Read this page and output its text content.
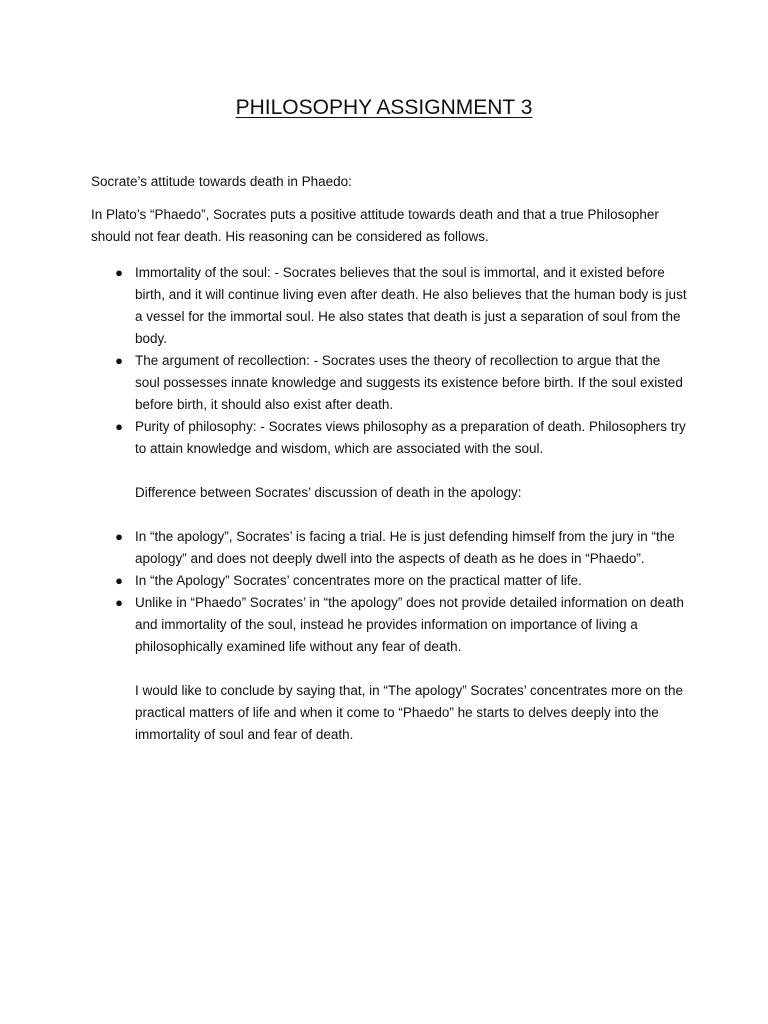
PHILOSOPHY ASSIGNMENT 3

Socrate’s attitude towards death in Phaedo:

In Plato’s “Phaedo”, Socrates puts a positive attitude towards death and that a true Philosopher should not fear death. His reasoning can be considered as follows.

● Immortality of the soul: - Socrates believes that the soul is immortal, and it existed before birth, and it will continue living even after death. He also believes that the human body is just a vessel for the immortal soul. He also states that death is just a separation of soul from the body.
● The argument of recollection: - Socrates uses the theory of recollection to argue that the soul possesses innate knowledge and suggests its existence before birth. If the soul existed before birth, it should also exist after death.
● Purity of philosophy: - Socrates views philosophy as a preparation of death. Philosophers try to attain knowledge and wisdom, which are associated with the soul.

Difference between Socrates’ discussion of death in the apology:

● In “the apology”, Socrates’ is facing a trial. He is just defending himself from the jury in “the apology” and does not deeply dwell into the aspects of death as he does in “Phaedo”.
● In “the Apology” Socrates’ concentrates more on the practical matter of life.
● Unlike in “Phaedo” Socrates’ in “the apology” does not provide detailed information on death and immortality of the soul, instead he provides information on importance of living a philosophically examined life without any fear of death.

I would like to conclude by saying that, in “The apology” Socrates’ concentrates more on the practical matters of life and when it come to “Phaedo” he starts to delves deeply into the immortality of soul and fear of death.
